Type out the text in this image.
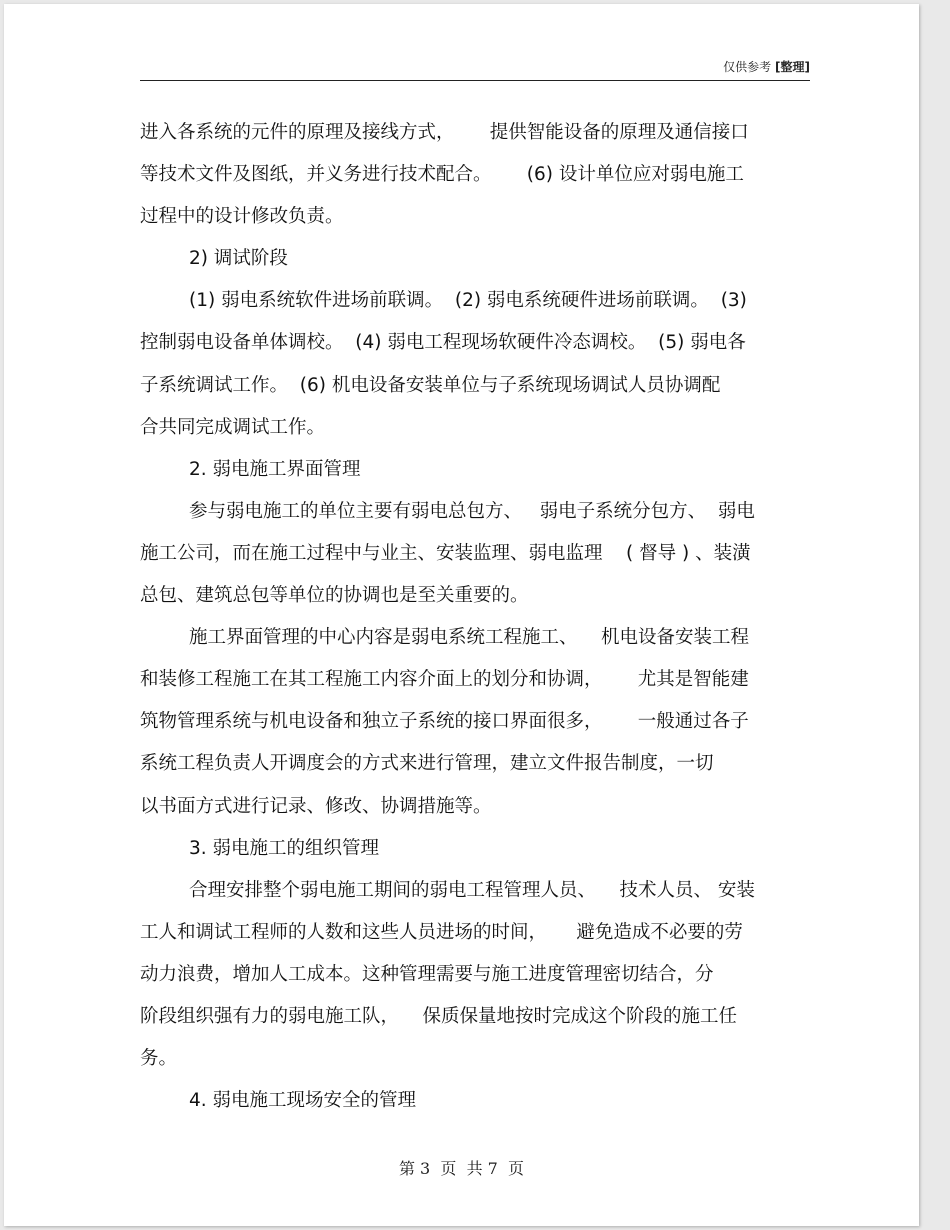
仅供参考 [整理]
进入各系统的元件的原理及接线方式，      提供智能设备的原理及通信接口
等技术文件及图纸，并义务进行技术配合。      (6) 设计单位应对弱电施工
过程中的设计修改负责。
2) 调试阶段
(1) 弱电系统软件进场前联调。  (2) 弱电系统硬件进场前联调。  (3)
控制弱电设备单体调校。  (4) 弱电工程现场软硬件冷态调校。  (5) 弱电各
子系统调试工作。  (6) 机电设备安装单位与子系统现场调试人员协调配
合共同完成调试工作。
2. 弱电施工界面管理
参与弱电施工的单位主要有弱电总包方、   弱电子系统分包方、  弱电
施工公司，而在施工过程中与业主、安装监理、弱电监理    ( 督导 ) 、装潢
总包、建筑总包等单位的协调也是至关重要的。
施工界面管理的中心内容是弱电系统工程施工、    机电设备安装工程
和装修工程施工在其工程施工内容介面上的划分和协调，      尤其是智能建
筑物管理系统与机电设备和独立子系统的接口界面很多，      一般通过各子
系统工程负责人开调度会的方式来进行管理，建立文件报告制度，一切
以书面方式进行记录、修改、协调措施等。
3. 弱电施工的组织管理
合理安排整个弱电施工期间的弱电工程管理人员、    技术人员、 安装
工人和调试工程师的人数和这些人员进场的时间，     避免造成不必要的劳
动力浪费，增加人工成本。这种管理需要与施工进度管理密切结合，分
阶段组织强有力的弱电施工队，    保质保量地按时完成这个阶段的施工任
务。
4. 弱电施工现场安全的管理
第 3  页  共 7  页
